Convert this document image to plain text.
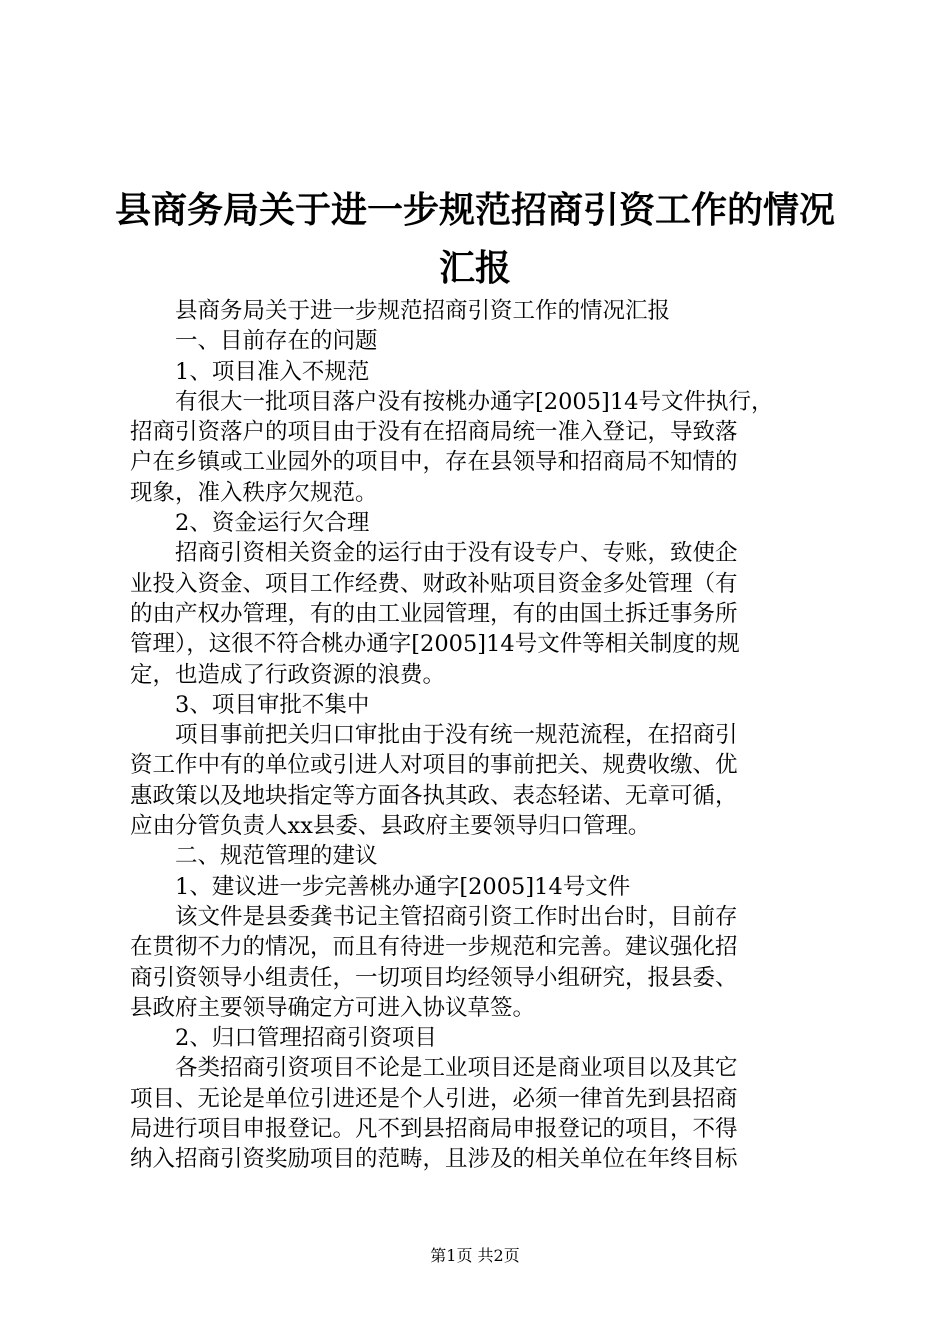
县商务局关于进一步规范招商引资工作的情况
汇报

县商务局关于进一步规范招商引资工作的情况汇报

一、目前存在的问题

1、项目准入不规范

有很大一批项目落户没有按桃办通字[2005]14号文件执行，

招商引资落户的项目由于没有在招商局统一准入登记，导致落

户在乡镇或工业园外的项目中，存在县领导和招商局不知情的

现象，准入秩序欠规范。

2、资金运行欠合理

招商引资相关资金的运行由于没有设专户、专账，致使企

业投入资金、项目工作经费、财政补贴项目资金多处管理（有

的由产权办管理，有的由工业园管理，有的由国土拆迁事务所

管理），这很不符合桃办通字[2005]14号文件等相关制度的规

定，也造成了行政资源的浪费。

3、项目审批不集中

项目事前把关归口审批由于没有统一规范流程，在招商引

资工作中有的单位或引进人对项目的事前把关、规费收缴、优

惠政策以及地块指定等方面各执其政、表态轻诺、无章可循，

应由分管负责人xx县委、县政府主要领导归口管理。

二、规范管理的建议

1、建议进一步完善桃办通字[2005]14号文件

该文件是县委龚书记主管招商引资工作时出台时，目前存

在贯彻不力的情况，而且有待进一步规范和完善。建议强化招

商引资领导小组责任，一切项目均经领导小组研究，报县委、

县政府主要领导确定方可进入协议草签。

2、归口管理招商引资项目

各类招商引资项目不论是工业项目还是商业项目以及其它

项目、无论是单位引进还是个人引进，必须一律首先到县招商

局进行项目申报登记。凡不到县招商局申报登记的项目，不得

纳入招商引资奖励项目的范畴，且涉及的相关单位在年终目标

第1页 共2页
